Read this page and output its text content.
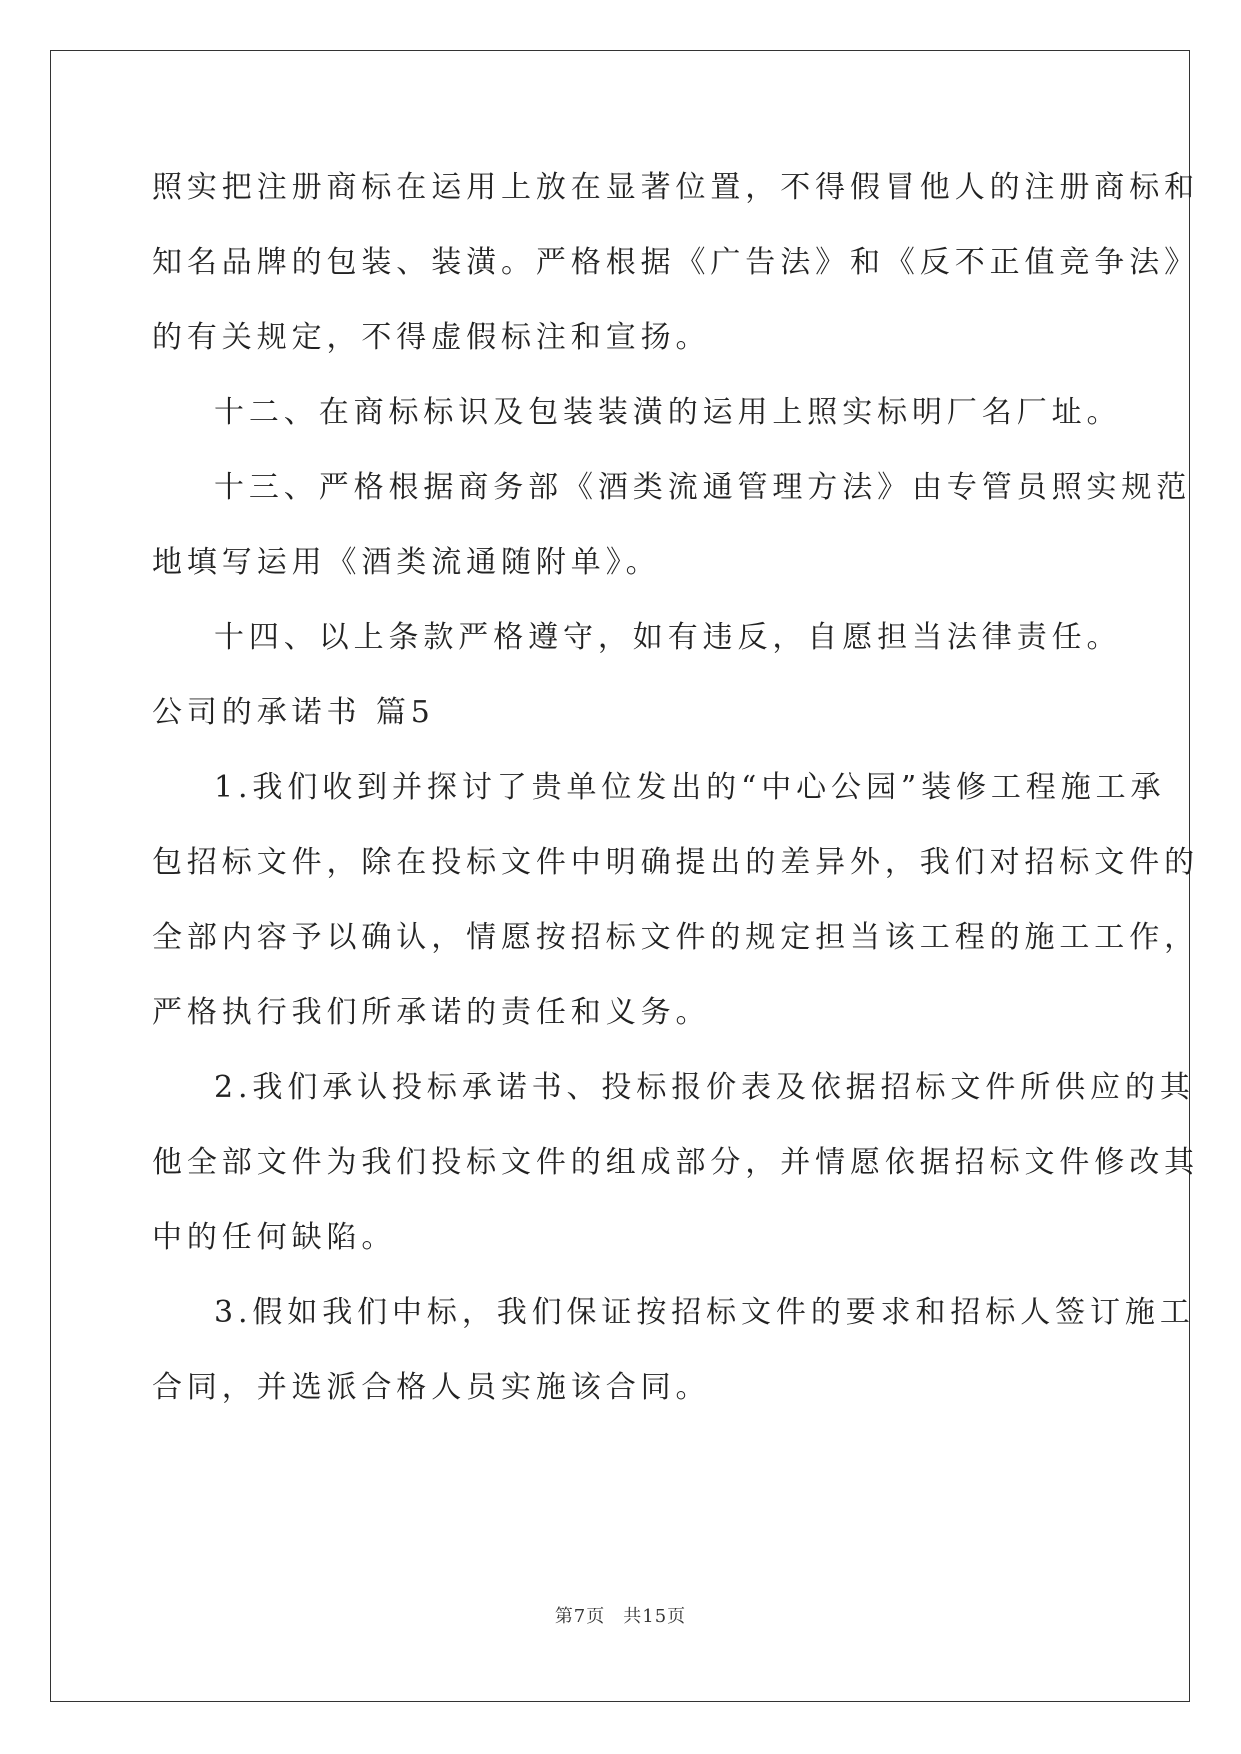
照实把注册商标在运用上放在显著位置，不得假冒他人的注册商标和
知名品牌的包装、装潢。严格根据《广告法》和《反不正值竞争法》
的有关规定，不得虚假标注和宣扬。
十二、在商标标识及包装装潢的运用上照实标明厂名厂址。
十三、严格根据商务部《酒类流通管理方法》由专管员照实规范
地填写运用《酒类流通随附单》。
十四、以上条款严格遵守，如有违反，自愿担当法律责任。
公司的承诺书 篇5
1.我们收到并探讨了贵单位发出的“中心公园”装修工程施工承
包招标文件，除在投标文件中明确提出的差异外，我们对招标文件的
全部内容予以确认，情愿按招标文件的规定担当该工程的施工工作，
严格执行我们所承诺的责任和义务。
2.我们承认投标承诺书、投标报价表及依据招标文件所供应的其
他全部文件为我们投标文件的组成部分，并情愿依据招标文件修改其
中的任何缺陷。
3.假如我们中标，我们保证按招标文件的要求和招标人签订施工
合同，并选派合格人员实施该合同。
第7页 共15页
